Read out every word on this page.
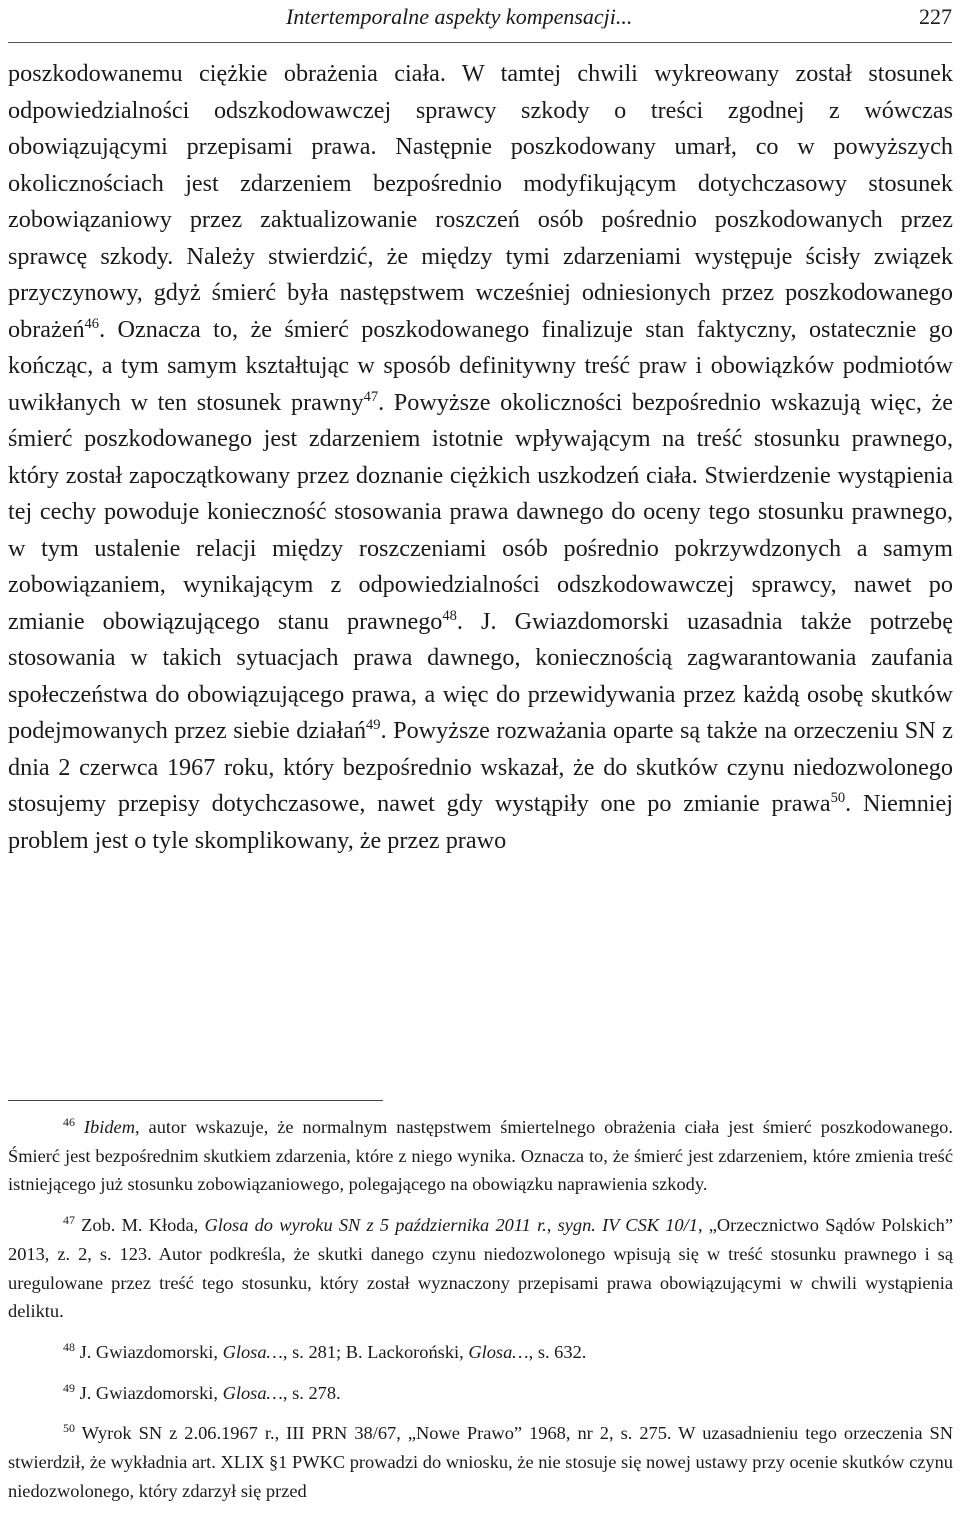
Intertemporalne aspekty kompensacji...	227

poszkodowanemu ciężkie obrażenia ciała. W tamtej chwili wykreowany został stosunek odpowiedzialności odszkodowawczej sprawcy szkody o treści zgodnej z wówczas obowiązującymi przepisami prawa. Następnie poszkodowany umarł, co w powyższych okolicznościach jest zdarzeniem bezpośrednio modyfikującym dotychczasowy stosunek zobowiązaniowy przez zaktualizowanie roszczeń osób pośrednio poszkodowanych przez sprawcę szkody. Należy stwierdzić, że między tymi zdarzeniami występuje ścisły związek przyczynowy, gdyż śmierć była następstwem wcześniej odniesionych przez poszkodowanego obrażeń$^{46}$. Oznacza to, że śmierć poszkodowanego finalizuje stan faktyczny, ostatecznie go kończąc, a tym samym kształtując w sposób definitywny treść praw i obowiązków podmiotów uwikłanych w ten stosunek prawny$^{47}$. Powyższe okoliczności bezpośrednio wskazują więc, że śmierć poszkodowanego jest zdarzeniem istotnie wpływającym na treść stosunku prawnego, który został zapoczątkowany przez doznanie ciężkich uszkodzeń ciała. Stwierdzenie wystąpienia tej cechy powoduje konieczność stosowania prawa dawnego do oceny tego stosunku prawnego, w tym ustalenie relacji między roszczeniami osób pośrednio pokrzywdzonych a samym zobowiązaniem, wynikającym z odpowiedzialności odszkodowawczej sprawcy, nawet po zmianie obowiązującego stanu prawnego$^{48}$. J. Gwiazdomorski uzasadnia także potrzebę stosowania w takich sytuacjach prawa dawnego, koniecznością zagwarantowania zaufania społeczeństwa do obowiązującego prawa, a więc do przewidywania przez każdą osobę skutków podejmowanych przez siebie działań$^{49}$. Powyższe rozważania oparte są także na orzeczeniu SN z dnia 2 czerwca 1967 roku, który bezpośrednio wskazał, że do skutków czynu niedozwolonego stosujemy przepisy dotychczasowe, nawet gdy wystąpiły one po zmianie prawa$^{50}$. Niemniej problem jest o tyle skomplikowany, że przez prawo

$^{46}$ Ibidem, autor wskazuje, że normalnym następstwem śmiertelnego obrażenia ciała jest śmierć poszkodowanego. Śmierć jest bezpośrednim skutkiem zdarzenia, które z niego wynika. Oznacza to, że śmierć jest zdarzeniem, które zmienia treść istniejącego już stosunku zobowiązaniowego, polegającego na obowiązku naprawienia szkody.

$^{47}$ Zob. M. Kłoda, Glosa do wyroku SN z 5 października 2011 r., sygn. IV CSK 10/1, „Orzecznictwo Sądów Polskich” 2013, z. 2, s. 123. Autor podkreśla, że skutki danego czynu niedozwolonego wpisują się w treść stosunku prawnego i są uregulowane przez treść tego stosunku, który został wyznaczony przepisami prawa obowiązującymi w chwili wystąpienia deliktu.

$^{48}$ J. Gwiazdomorski, Glosa…, s. 281; B. Lackoroński, Glosa…, s. 632.

$^{49}$ J. Gwiazdomorski, Glosa…, s. 278.

$^{50}$ Wyrok SN z 2.06.1967 r., III PRN 38/67, „Nowe Prawo” 1968, nr 2, s. 275. W uzasadnieniu tego orzeczenia SN stwierdził, że wykładnia art. XLIX §1 PWKC prowadzi do wniosku, że nie stosuje się nowej ustawy przy ocenie skutków czynu niedozwolonego, który zdarzył się przed
